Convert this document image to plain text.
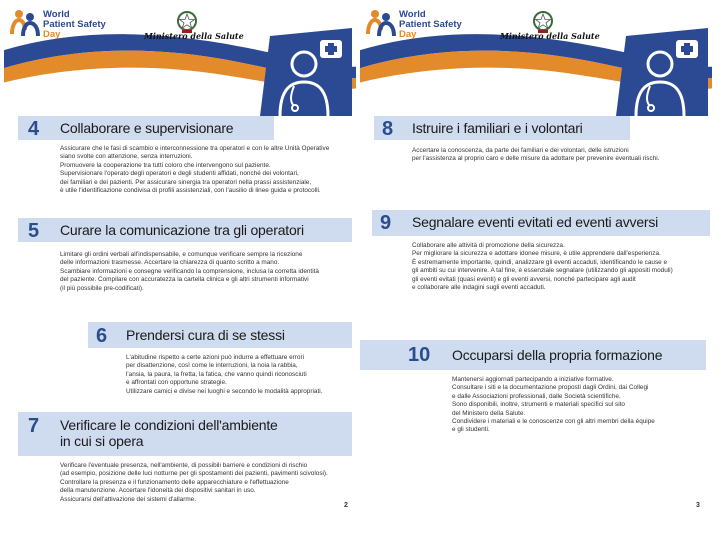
World
Patient Safety
Day	Ministero della Salute
4 Collaborare e supervisionare

Assicurare che le fasi di scambio e interconnessione tra operatori e con le altre Unità Operative

siano svolte con attenzione, senza interruzioni.

Promuovere la cooperazione tra tutti coloro che intervengono sul paziente.

Supervisionare l'operato degli operatori e degli studenti affidati, nonché dei volontari,

dei familiari e dei pazienti. Per assicurare sinergia tra operatori nella prassi assistenziale,

è utile l'identificazione condivisa di profili assistenziali, con l'ausilio di linee guida e protocolli.

5 Curare la comunicazione tra gli operatori

Limitare gli ordini verbali all'indispensabile, e comunque verificare sempre la ricezione

delle informazioni trasmesse. Accertare la chiarezza di quanto scritto a mano.

Scambiare informazioni e consegne verificando la comprensione, inclusa la corretta identità

del paziente. Compilare con accuratezza la cartella clinica e gli altri strumenti informativi

(il più possibile pre-codificati).

6 Prendersi cura di se stessi

L'abitudine rispetto a certe azioni può indurre a effettuare errori

per disattenzione, così come le interruzioni, la noia la rabbia,

l'ansia, la paura, la fretta, la fatica, che vanno quindi riconosciuti

e affrontati con opportune strategie.

Utilizzare camici e divise nei luoghi e secondo le modalità appropriati.

7 Verificare le condizioni dell'ambiente
in cui si opera

Verificare l'eventuale presenza, nell'ambiente, di possibili barriere e condizioni di rischio

(ad esempio, posizione delle luci notturne per gli spostamenti dei pazienti, pavimenti scivolosi).

Controllare la presenza e il funzionamento delle apparecchiature e l'effettuazione

della manutenzione. Accertare l'idoneità dei dispositivi sanitari in uso.

Assicurarsi dell'attivazione dei sistemi d'allarme.

2
World
Patient Safety
Day	Ministero della Salute
8 Istruire i familiari e i volontari

Accertare la conoscenza, da parte dei familiari e dei volontari, delle istruzioni

per l'assistenza al proprio caro e delle misure da adottare per prevenire eventuali rischi.

9 Segnalare eventi evitati ed eventi avversi

Collaborare alle attività di promozione della sicurezza.

Per migliorare la sicurezza e adottare idonee misure, è utile apprendere dall'esperienza.

È estremamente importante, quindi, analizzare gli eventi accaduti, identificando le cause e

gli ambiti su cui intervenire. A tal fine, è essenziale segnalare (utilizzando gli appositi moduli)

gli eventi evitati (quasi eventi) e gli eventi avversi, nonché partecipare agli audit

e collaborare alle indagini sugli eventi accaduti.

10 Occuparsi della propria formazione

Mantenersi aggiornati partecipando a iniziative formative.

Consultare i siti e la documentazione proposti dagli Ordini, dai Collegi

e dalle Associazioni professionali, dalle Società scientifiche.

Sono disponibili, inoltre, strumenti e materiali specifici sul sito

del Ministero della Salute.

Condividere i materiali e le conoscenze con gli altri membri della équipe

e gli studenti.

3
